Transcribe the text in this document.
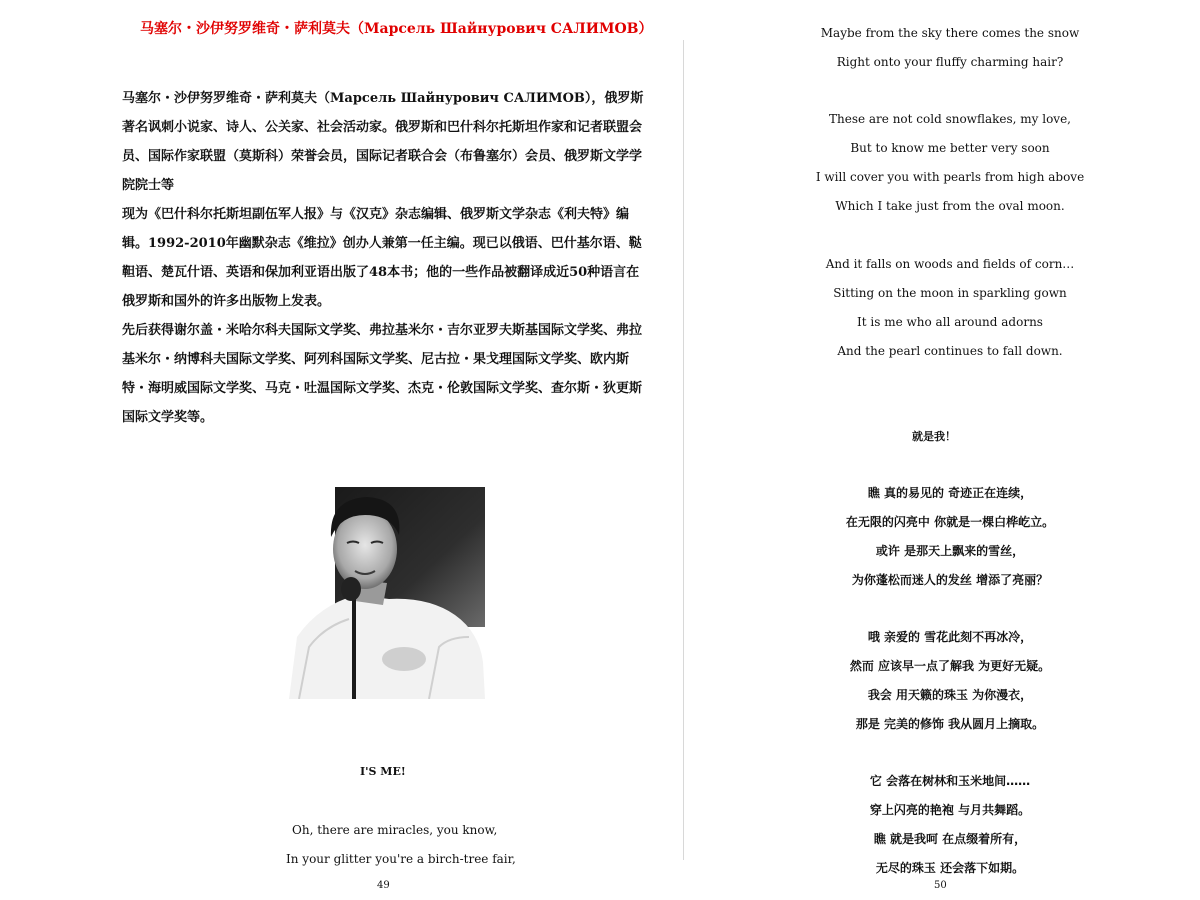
马塞尔・沙伊努罗维奇・萨利莫夫（Марсель Шайнурович САЛИМОВ）

马塞尔・沙伊努罗维奇・萨利莫夫（Марсель Шайнурович САЛИМОВ），俄罗斯著名讽刺小说家、诗人、公关家、社会活动家。俄罗斯和巴什科尔托斯坦作家和记者联盟会员、国际作家联盟（莫斯科）荣誉会员，国际记者联合会（布鲁塞尔）会员、俄罗斯文学学院院士等

现为《巴什科尔托斯坦副伍军人报》与《汉克》杂志编辑、俄罗斯文学杂志《利夫特》编辑。1992-2010年幽默杂志《维拉》创办人兼第一任主编。现已以俄语、巴什基尔语、鞑靼语、楚瓦什语、英语和保加利亚语出版了48本书；他的一些作品被翻译成近50种语言在俄罗斯和国外的许多出版物上发表。

先后获得谢尔盖・米哈尔科夫国际文学奖、弗拉基米尔・吉尔亚罗夫斯基国际文学奖、弗拉基米尔・纳博科夫国际文学奖、阿列科国际文学奖、尼古拉・果戈理国际文学奖、欧内斯特・海明威国际文学奖、马克・吐温国际文学奖、杰克・伦敦国际文学奖、查尔斯・狄更斯国际文学奖等。

I'S ME!
Oh, there are miracles, you know,
In your glitter you're a birch-tree fair,
49
Maybe from the sky there comes the snow
Right onto your fluffy charming hair?
These are not cold snowflakes, my love,
But to know me better very soon
I will cover you with pearls from high above
Which I take just from the oval moon.
And it falls on woods and fields of corn…
Sitting on the moon in sparkling gown
It is me who all around adorns
And the pearl continues to fall down.
就是我！
瞧 真的易见的 奇迹正在连续，
在无限的闪亮中 你就是一棵白桦屹立。
或许 是那天上飘来的雪丝，
为你蓬松而迷人的发丝 增添了亮丽？
哦 亲爱的 雪花此刻不再冰冷，
然而 应该早一点了解我 为更好无疑。
我会 用天籁的珠玉 为你漫衣，
那是 完美的修饰 我从圆月上摘取。
它 会落在树林和玉米地间……
穿上闪亮的艳袍 与月共舞蹈。
瞧 就是我呵 在点缀着所有，
无尽的珠玉 还会落下如期。
50
